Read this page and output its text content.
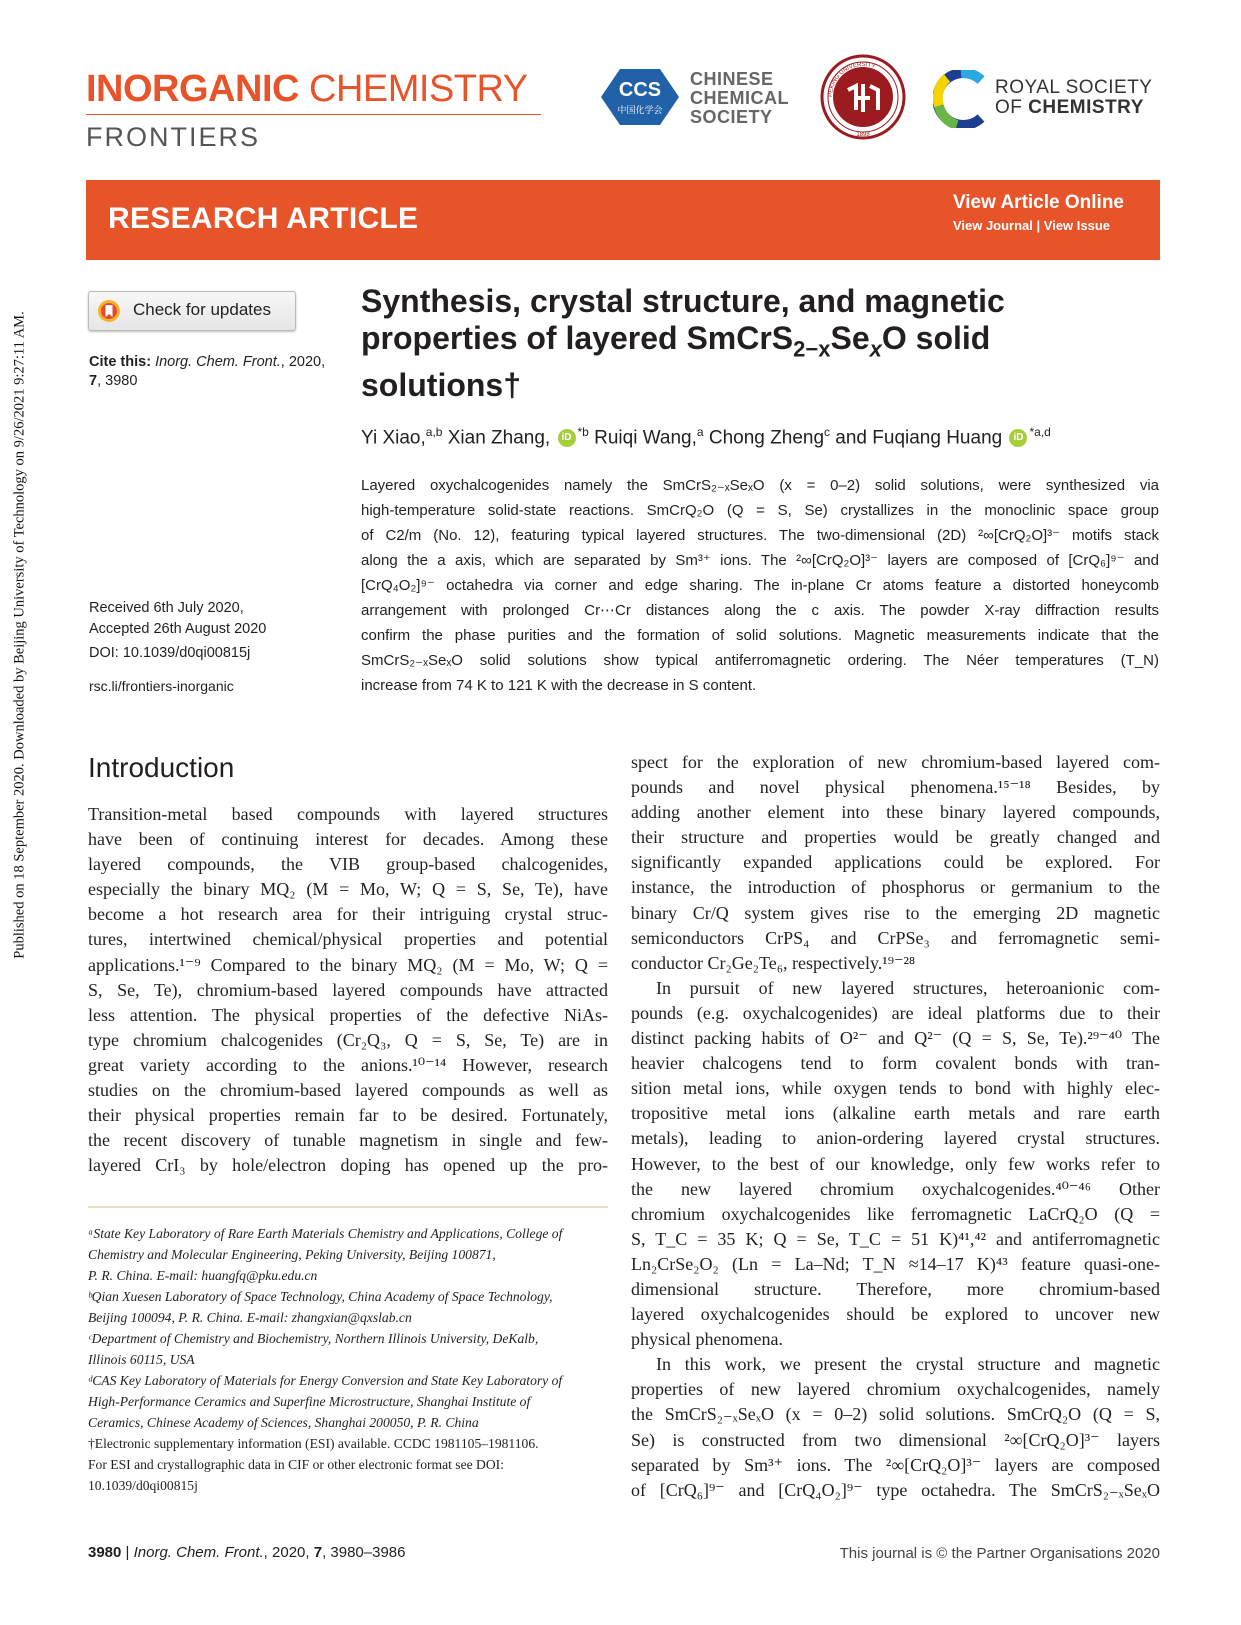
Published on 18 September 2020. Downloaded by Beijing University of Technology on 9/26/2021 9:27:11 AM.
INORGANIC CHEMISTRY
FRONTIERS
CCS
中国化学会
CHINESE
CHEMICAL
SOCIETY
PEKING UNIVERSITY
1898
ROYAL SOCIETY
OF CHEMISTRY
RESEARCH ARTICLE	View Article Online
View Journal | View Issue
Check for updates
Cite this: Inorg. Chem. Front., 2020,
7, 3980
Received 6th July 2020,
Accepted 26th August 2020
DOI: 10.1039/d0qi00815j
rsc.li/frontiers-inorganic
Synthesis, crystal structure, and magnetic
properties of layered $SmCrS_{2-x}Se_xO$ solid
solutions†
Yi Xiao,$^{a,b}$ Xian Zhang, iD $^{*b}$ Ruiqi Wang,$^a$ Chong Zheng$^c$ and Fuqiang Huang iD $^{*a,d}$
Layered oxychalcogenides namely the SmCrS₂₋ₓSeₓO (x = 0–2) solid solutions, were synthesized via
high-temperature solid-state reactions. SmCrQ₂O (Q = S, Se) crystallizes in the monoclinic space group
of C2/m (No. 12), featuring typical layered structures. The two-dimensional (2D) ²∞[CrQ₂O]³⁻ motifs stack
along the a axis, which are separated by Sm³⁺ ions. The ²∞[CrQ₂O]³⁻ layers are composed of [CrQ₆]⁹⁻ and
[CrQ₄O₂]⁹⁻ octahedra via corner and edge sharing. The in-plane Cr atoms feature a distorted honeycomb
arrangement with prolonged Cr⋯Cr distances along the c axis. The powder X-ray diffraction results
confirm the phase purities and the formation of solid solutions. Magnetic measurements indicate that the
SmCrS₂₋ₓSeₓO solid solutions show typical antiferromagnetic ordering. The Néer temperatures (T_N)
increase from 74 K to 121 K with the decrease in S content.
Introduction
Transition-metal based compounds with layered structures
have been of continuing interest for decades. Among these
layered compounds, the VIB group-based chalcogenides,
especially the binary MQ₂ (M = Mo, W; Q = S, Se, Te), have
become a hot research area for their intriguing crystal struc-
tures, intertwined chemical/physical properties and potential
applications.¹⁻⁹ Compared to the binary MQ₂ (M = Mo, W; Q =
S, Se, Te), chromium-based layered compounds have attracted
less attention. The physical properties of the defective NiAs-
type chromium chalcogenides (Cr₂Q₃, Q = S, Se, Te) are in
great variety according to the anions.¹⁰⁻¹⁴ However, research
studies on the chromium-based layered compounds as well as
their physical properties remain far to be desired. Fortunately,
the recent discovery of tunable magnetism in single and few-
layered CrI₃ by hole/electron doping has opened up the pro-
ᵃState Key Laboratory of Rare Earth Materials Chemistry and Applications, College of
Chemistry and Molecular Engineering, Peking University, Beijing 100871,
P. R. China. E-mail: huangfq@pku.edu.cn
ᵇQian Xuesen Laboratory of Space Technology, China Academy of Space Technology,
Beijing 100094, P. R. China. E-mail: zhangxian@qxslab.cn
ᶜDepartment of Chemistry and Biochemistry, Northern Illinois University, DeKalb,
Illinois 60115, USA
ᵈCAS Key Laboratory of Materials for Energy Conversion and State Key Laboratory of
High-Performance Ceramics and Superfine Microstructure, Shanghai Institute of
Ceramics, Chinese Academy of Sciences, Shanghai 200050, P. R. China
†Electronic supplementary information (ESI) available. CCDC 1981105–1981106.
For ESI and crystallographic data in CIF or other electronic format see DOI:
10.1039/d0qi00815j
spect for the exploration of new chromium-based layered com-
pounds and novel physical phenomena.¹⁵⁻¹⁸ Besides, by
adding another element into these binary layered compounds,
their structure and properties would be greatly changed and
significantly expanded applications could be explored. For
instance, the introduction of phosphorus or germanium to the
binary Cr/Q system gives rise to the emerging 2D magnetic
semiconductors CrPS₄ and CrPSe₃ and ferromagnetic semi-
conductor Cr₂Ge₂Te₆, respectively.¹⁹⁻²⁸
In pursuit of new layered structures, heteroanionic com-
pounds (e.g. oxychalcogenides) are ideal platforms due to their
distinct packing habits of O²⁻ and Q²⁻ (Q = S, Se, Te).²⁹⁻⁴⁰ The
heavier chalcogens tend to form covalent bonds with tran-
sition metal ions, while oxygen tends to bond with highly elec-
tropositive metal ions (alkaline earth metals and rare earth
metals), leading to anion-ordering layered crystal structures.
However, to the best of our knowledge, only few works refer to
the new layered chromium oxychalcogenides.⁴⁰⁻⁴⁶ Other
chromium oxychalcogenides like ferromagnetic LaCrQ₂O (Q =
S, T_C = 35 K; Q = Se, T_C = 51 K)⁴¹,⁴² and antiferromagnetic
Ln₂CrSe₂O₂ (Ln = La–Nd; T_N ≈14–17 K)⁴³ feature quasi-one-
dimensional structure. Therefore, more chromium-based
layered oxychalcogenides should be explored to uncover new
physical phenomena.
In this work, we present the crystal structure and magnetic
properties of new layered chromium oxychalcogenides, namely
the SmCrS₂₋ₓSeₓO (x = 0–2) solid solutions. SmCrQ₂O (Q = S,
Se) is constructed from two dimensional ²∞[CrQ₂O]³⁻ layers
separated by Sm³⁺ ions. The ²∞[CrQ₂O]³⁻ layers are composed
of [CrQ₆]⁹⁻ and [CrQ₄O₂]⁹⁻ type octahedra. The SmCrS₂₋ₓSeₓO
3980 | Inorg. Chem. Front., 2020, 7, 3980–3986	This journal is © the Partner Organisations 2020
